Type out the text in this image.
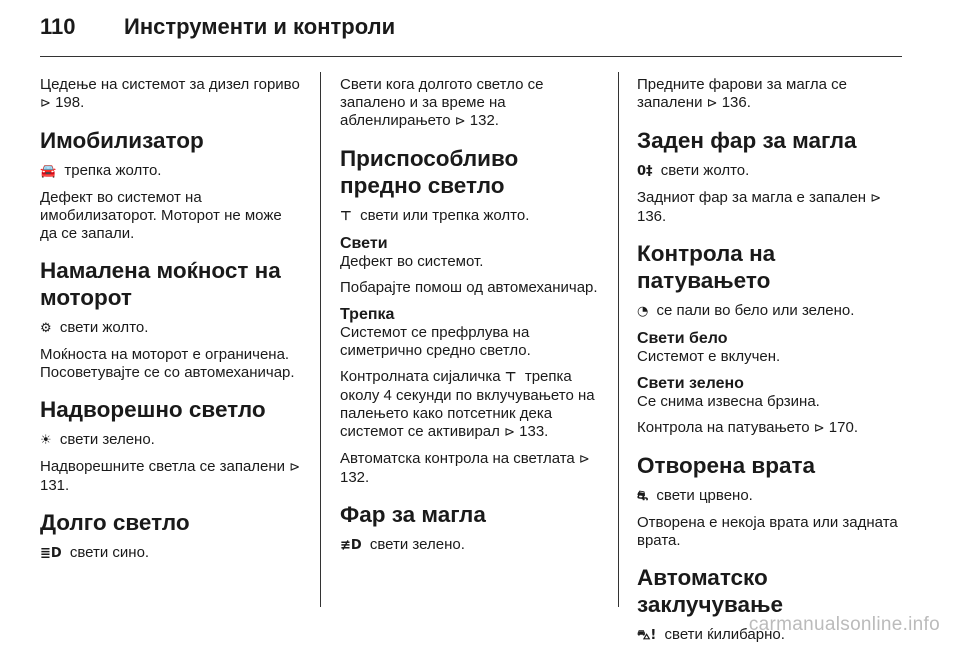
110	Инструменти и контроли

Цедење на системот за дизел гориво ⊳ 198.

Имобилизатор

🚘 трепка жолто.

Дефект во системот на имобилизаторот. Моторот не може да се запали.

Намалена моќност на моторот

⚙ свети жолто.

Моќноста на моторот е ограничена. Посоветувајте се со автомеханичар.

Надворешно светло

☀ свети зелено.

Надворешните светла се запалени ⊳ 131.

Долго светло

≣D свети сино.

Свети кога долгото светло се запалено и за време на абленлирањето ⊳ 132.

Приспособливо предно светло

⊤ свети или трепка жолто.

Свети

Дефект во системот.

Побарајте помош од автомеханичар.

Трепка

Системот се префрлува на симетрично средно светло.

Контролната сијаличка ⊤ трепка околу 4 секунди по вклучувањето на палењето како потсетник дека системот се активирал ⊳ 133.

Автоматска контрола на светлата ⊳ 132.

Фар за магла

≢D свети зелено.

Предните фарови за магла се запалени ⊳ 136.

Заден фар за магла

0‡ свети жолто.

Задниот фар за магла е запален ⊳ 136.

Контрола на патувањето

◔ се пали во бело или зелено.

Свети бело

Системот е вклучен.

Свети зелено

Се снима извесна брзина.

Контрола на патувањето ⊳ 170.

Отворена врата

⛐ свети црвено.

Отворена е некоја врата или задната врата.

Автоматско заклучување

⛍! свети ќилибарно.

carmanualsonline.info
